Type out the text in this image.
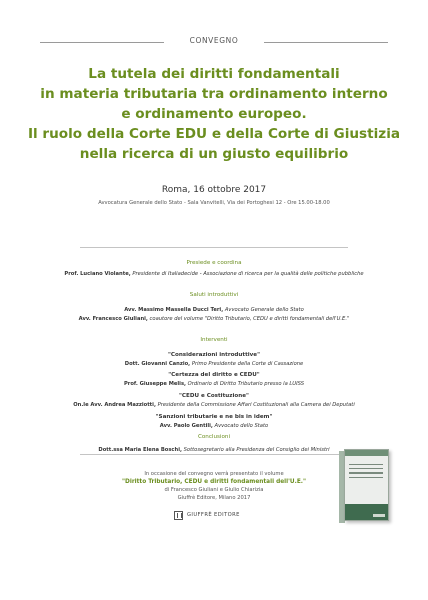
CONVEGNO
La tutela dei diritti fondamentali
in materia tributaria tra ordinamento interno
e ordinamento europeo.
Il ruolo della Corte EDU e della Corte di Giustizia
nella ricerca di un giusto equilibrio
Roma, 16 ottobre 2017
Avvocatura Generale dello Stato - Sala Vanvitelli, Via dei Portoghesi 12 - Ore 15.00-18.00
Presiede e coordina
Prof. Luciano Violante, Presidente di Italiadecide - Associazione di ricerca per la qualità delle politiche pubbliche
Saluti introduttivi
Avv. Massimo Massella Ducci Teri, Avvocato Generale dello Stato
Avv. Francesco Giuliani, coautore del volume "Diritto Tributario, CEDU e diritti fondamentali dell'U.E."
Interventi
"Considerazioni introduttive"
Dott. Giovanni Canzio, Primo Presidente della Corte di Cassazione
"Certezza del diritto e CEDU"
Prof. Giuseppe Melis, Ordinario di Diritto Tributario presso la LUISS
"CEDU e Costituzione"
On.le Avv. Andrea Mazziotti, Presidente della Commissione Affari Costituzionali alla Camera dei Deputati
"Sanzioni tributarie e ne bis in idem"
Avv. Paolo Gentili, Avvocato dello Stato
Conclusioni
Dott.ssa Maria Elena Boschi, Sottosegretario alla Presidenza del Consiglio dei Ministri
In occasione del convegno verrà presentato il volume
"Diritto Tributario, CEDU e diritti fondamentali dell'U.E."
di Francesco Giuliani e Giulio Chiarizia
Giuffrè Editore, Milano 2017
GIUFFRÈ EDITORE
